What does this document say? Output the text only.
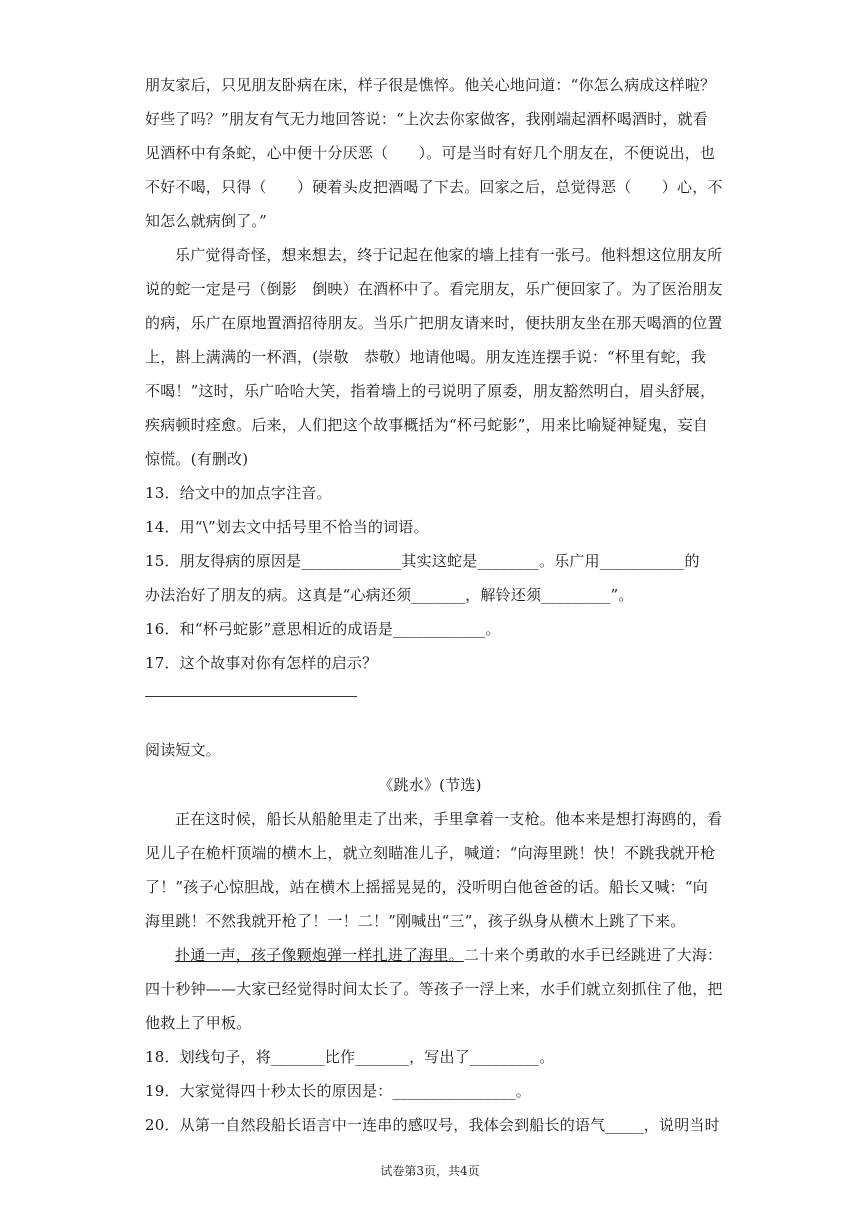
朋友家后，只见朋友卧病在床，样子很是憔悴。他关心地问道：“你怎么病成这样啦？
好些了吗？”朋友有气无力地回答说：“上次去你家做客，我刚端起酒杯喝酒时，就看
见酒杯中有条蛇，心中便十分厌恶（　　）。可是当时有好几个朋友在，不便说出，也
不好不喝，只得（　　）硬着头皮把酒喝了下去。回家之后，总觉得恶（　　）心，不
知怎么就病倒了。”
乐广觉得奇怪，想来想去，终于记起在他家的墙上挂有一张弓。他料想这位朋友所
说的蛇一定是弓（倒影　倒映）在酒杯中了。看完朋友，乐广便回家了。为了医治朋友
的病，乐广在原地置酒招待朋友。当乐广把朋友请来时，便扶朋友坐在那天喝酒的位置
上，斟上满满的一杯酒，(崇敬　恭敬）地请他喝。朋友连连摆手说：“杯里有蛇，我
不喝！”这时，乐广哈哈大笑，指着墙上的弓说明了原委，朋友豁然明白，眉头舒展，
疾病顿时痊愈。后来，人们把这个故事概括为“杯弓蛇影”，用来比喻疑神疑鬼，妄自
惊慌。(有删改)
13．给文中的加点字注音。
14．用“\”划去文中括号里不恰当的词语。
15．朋友得病的原因是_____________其实这蛇是________。乐广用___________的
办法治好了朋友的病。这真是“心病还须_______，解铃还须_________”。
16．和“杯弓蛇影”意思相近的成语是____________。
17．这个故事对你有怎样的启示？
阅读短文。
《跳水》(节选)
正在这时候，船长从船舱里走了出来，手里拿着一支枪。他本来是想打海鸥的，看
见儿子在桅杆顶端的横木上，就立刻瞄准儿子，喊道：“向海里跳！快！不跳我就开枪
了！”孩子心惊胆战，站在横木上摇摇晃晃的，没听明白他爸爸的话。船长又喊：“向
海里跳！不然我就开枪了！一！二！”刚喊出“三”，孩子纵身从横木上跳了下来。
扑通一声，孩子像颗炮弹一样扎进了海里。二十来个勇敢的水手已经跳进了大海：
四十秒钟——大家已经觉得时间太长了。等孩子一浮上来，水手们就立刻抓住了他，把
他救上了甲板。
18．划线句子，将_______比作_______，写出了_________。
19．大家觉得四十秒太长的原因是：________________。
20．从第一自然段船长语言中一连串的感叹号，我体会到船长的语气_____，说明当时
试卷第3页，共4页
